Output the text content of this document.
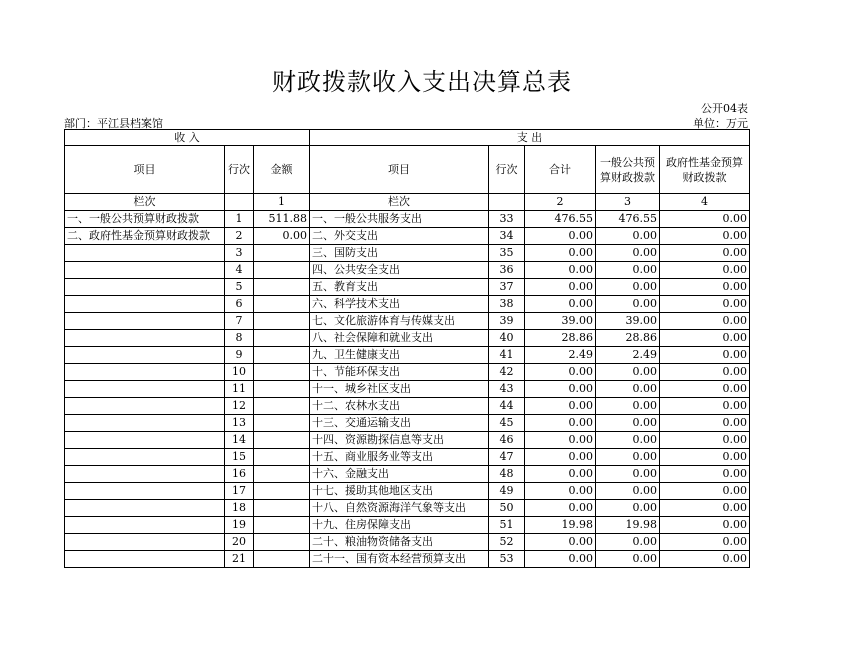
财政拨款收入支出决算总表
公开04表
部门：平江县档案馆	单位：万元
收 入			支 出				
项目	行次	金额	项目	行次	合计	一般公共预算财政拨款	政府性基金预算财政拨款
栏次		1	栏次		2	3	4
一、一般公共预算财政拨款	1	511.88	一、一般公共服务支出	33	476.55	476.55	0.00
二、政府性基金预算财政拨款	2	0.00	二、外交支出	34	0.00	0.00	0.00
	3		三、国防支出	35	0.00	0.00	0.00
	4		四、公共安全支出	36	0.00	0.00	0.00
	5		五、教育支出	37	0.00	0.00	0.00
	6		六、科学技术支出	38	0.00	0.00	0.00
	7		七、文化旅游体育与传媒支出	39	39.00	39.00	0.00
	8		八、社会保障和就业支出	40	28.86	28.86	0.00
	9		九、卫生健康支出	41	2.49	2.49	0.00
	10		十、节能环保支出	42	0.00	0.00	0.00
	11		十一、城乡社区支出	43	0.00	0.00	0.00
	12		十二、农林水支出	44	0.00	0.00	0.00
	13		十三、交通运输支出	45	0.00	0.00	0.00
	14		十四、资源勘探信息等支出	46	0.00	0.00	0.00
	15		十五、商业服务业等支出	47	0.00	0.00	0.00
	16		十六、金融支出	48	0.00	0.00	0.00
	17		十七、援助其他地区支出	49	0.00	0.00	0.00
	18		十八、自然资源海洋气象等支出	50	0.00	0.00	0.00
	19		十九、住房保障支出	51	19.98	19.98	0.00
	20		二十、粮油物资储备支出	52	0.00	0.00	0.00
	21		二十一、国有资本经营预算支出	53	0.00	0.00	0.00
